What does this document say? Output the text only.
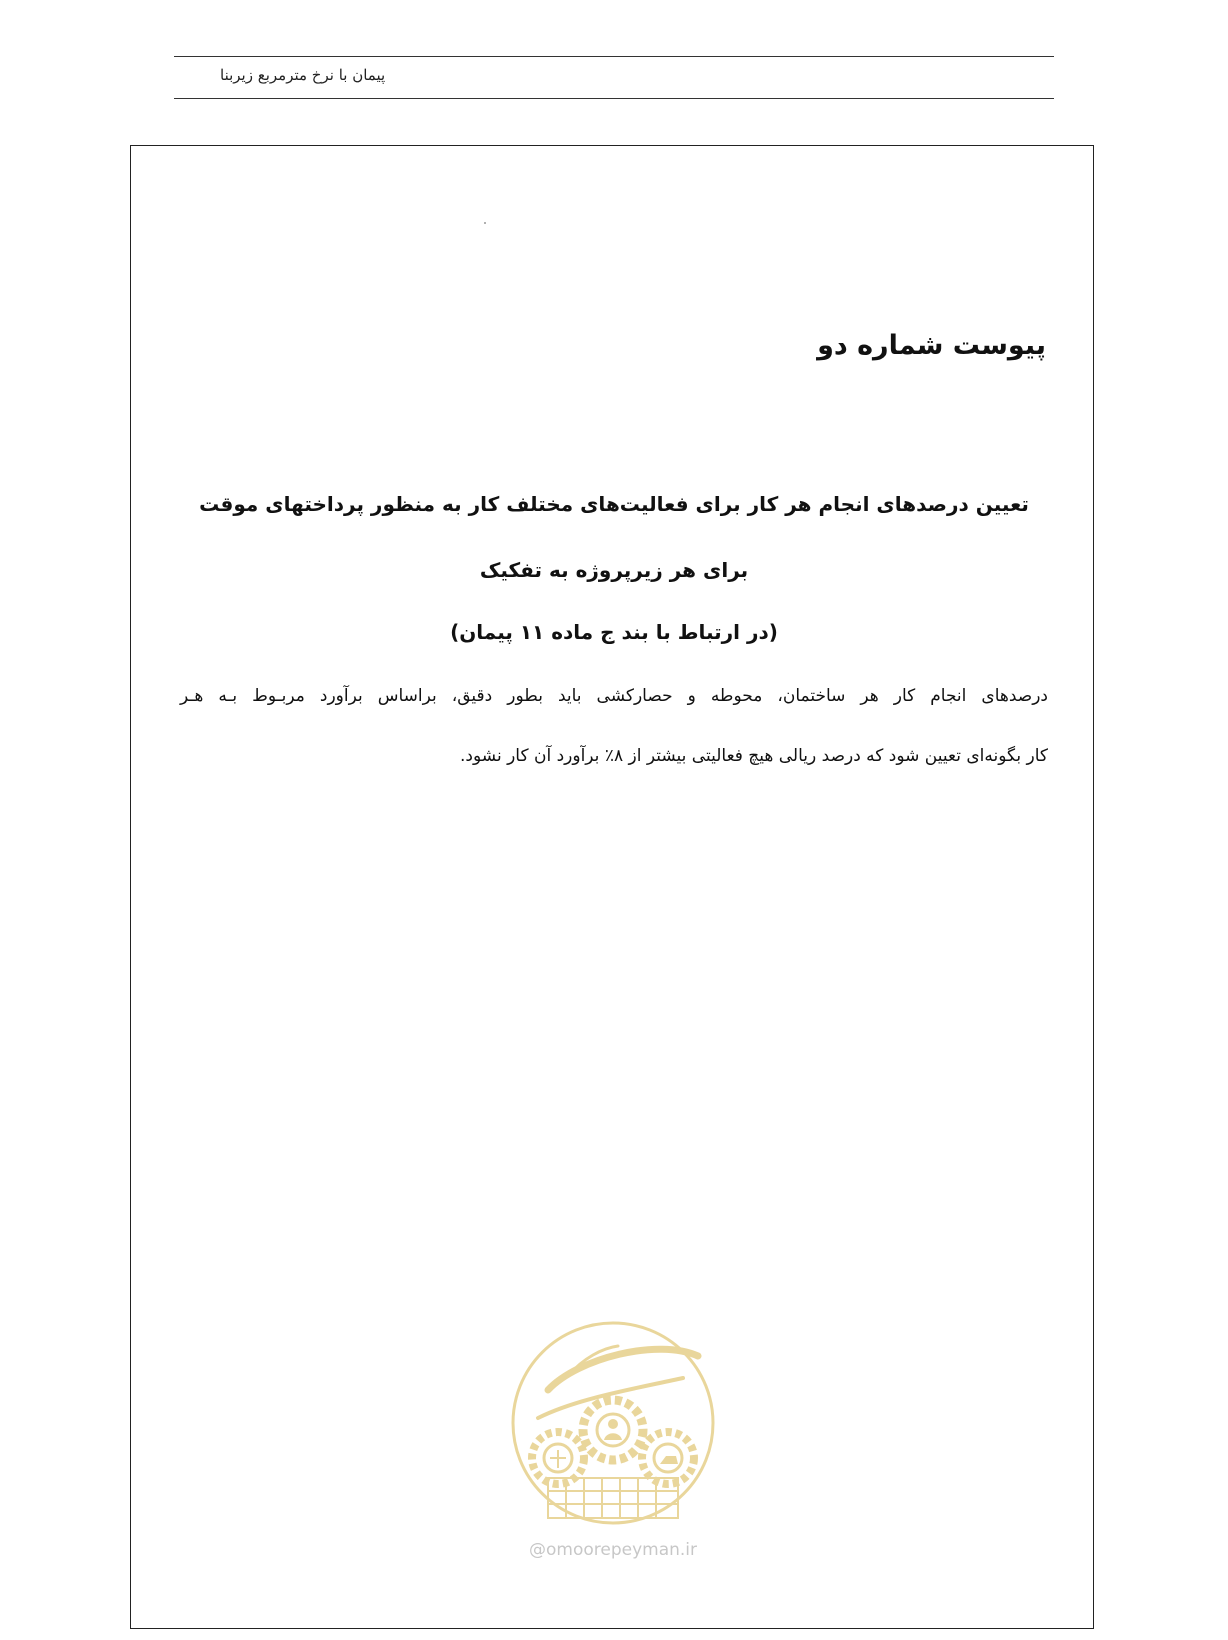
پیمان با نرخ مترمربع زیربنا
پیوست شماره دو
تعیین درصدهای انجام هر کار برای فعالیت‌های مختلف کار به منظور پرداختهای موقت
برای هر زیرپروژه به تفکیک
(در ارتباط با بند ج ماده ۱۱ پیمان)
درصدهای انجام کار هر ساختمان، محوطه و حصارکشی باید بطور دقیق، براساس برآورد مربـوط بـه هـر
کار بگونه‌ای تعیین شود که درصد ریالی هیچ فعالیتی بیشتر از ۸٪ برآورد آن کار نشود.
@omoorepeyman.ir
